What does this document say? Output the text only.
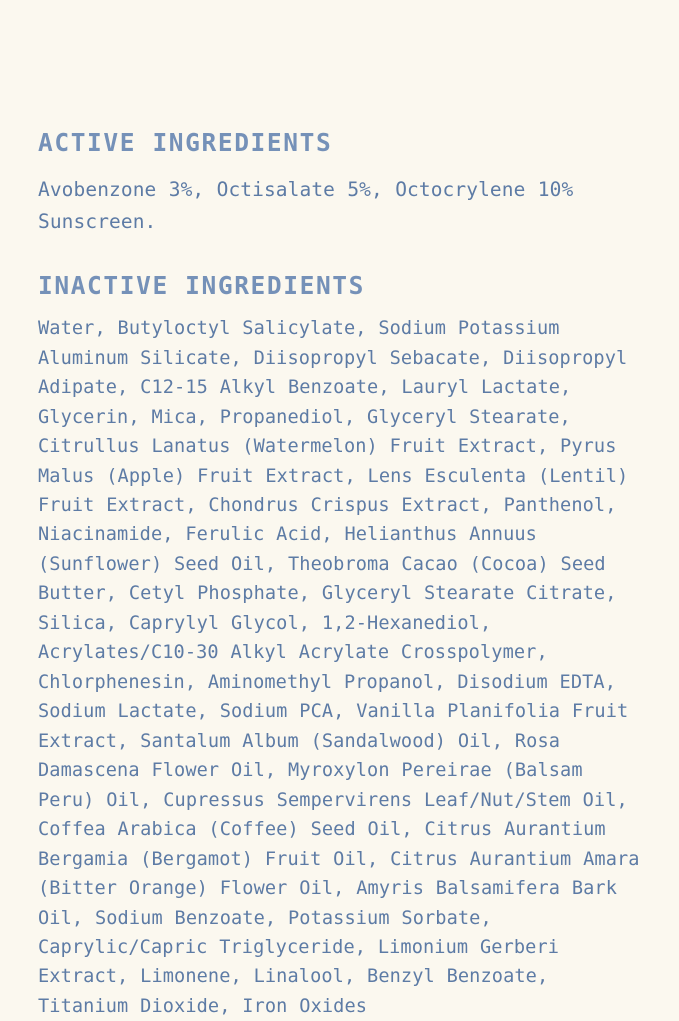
ACTIVE INGREDIENTS

Avobenzone 3%, Octisalate 5%, Octocrylene 10% Sunscreen.

INACTIVE INGREDIENTS

Water, Butyloctyl Salicylate, Sodium Potassium Aluminum Silicate, Diisopropyl Sebacate, Diisopropyl Adipate, C12-15 Alkyl Benzoate, Lauryl Lactate, Glycerin, Mica, Propanediol, Glyceryl Stearate, Citrullus Lanatus (Watermelon) Fruit Extract, Pyrus Malus (Apple) Fruit Extract, Lens Esculenta (Lentil) Fruit Extract, Chondrus Crispus Extract, Panthenol, Niacinamide, Ferulic Acid, Helianthus Annuus (Sunflower) Seed Oil, Theobroma Cacao (Cocoa) Seed Butter, Cetyl Phosphate, Glyceryl Stearate Citrate, Silica, Caprylyl Glycol, 1,2-Hexanediol, Acrylates/C10-30 Alkyl Acrylate Crosspolymer, Chlorphenesin, Aminomethyl Propanol, Disodium EDTA, Sodium Lactate, Sodium PCA, Vanilla Planifolia Fruit Extract, Santalum Album (Sandalwood) Oil, Rosa Damascena Flower Oil, Myroxylon Pereirae (Balsam Peru) Oil, Cupressus Sempervirens Leaf/Nut/Stem Oil, Coffea Arabica (Coffee) Seed Oil, Citrus Aurantium Bergamia (Bergamot) Fruit Oil, Citrus Aurantium Amara (Bitter Orange) Flower Oil, Amyris Balsamifera Bark Oil, Sodium Benzoate, Potassium Sorbate, Caprylic/Capric Triglyceride, Limonium Gerberi Extract, Limonene, Linalool, Benzyl Benzoate, Titanium Dioxide, Iron Oxides
